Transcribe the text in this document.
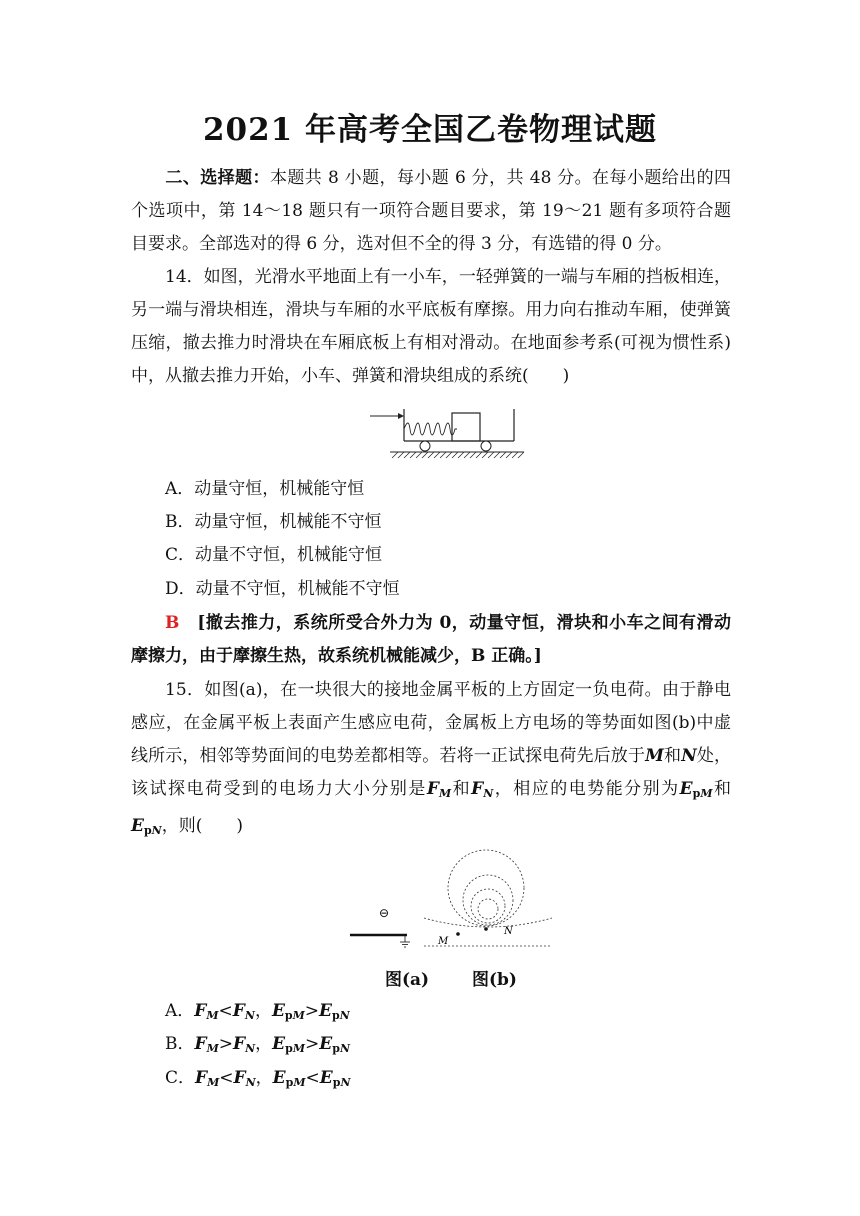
2021 年高考全国乙卷物理试题
二、选择题：本题共 8 小题，每小题 6 分，共 48 分。在每小题给出的四个选项中，第 14～18 题只有一项符合题目要求，第 19～21 题有多项符合题目要求。全部选对的得 6 分，选对但不全的得 3 分，有选错的得 0 分。
14．如图，光滑水平地面上有一小车，一轻弹簧的一端与车厢的挡板相连，另一端与滑块相连，滑块与车厢的水平底板有摩擦。用力向右推动车厢，使弹簧压缩，撤去推力时滑块在车厢底板上有相对滑动。在地面参考系(可视为惯性系)中，从撤去推力开始，小车、弹簧和滑块组成的系统(　　)
A．动量守恒，机械能守恒
B．动量守恒，机械能不守恒
C．动量不守恒，机械能守恒
D．动量不守恒，机械能不守恒
B　 [撤去推力，系统所受合外力为 0，动量守恒，滑块和小车之间有滑动摩擦力，由于摩擦生热，故系统机械能减少，B 正确。]
15．如图(a)，在一块很大的接地金属平板的上方固定一负电荷。由于静电感应，在金属平板上表面产生感应电荷，金属板上方电场的等势面如图(b)中虚线所示，相邻等势面间的电势差都相等。若将一正试探电荷先后放于M和N处，该试探电荷受到的电场力大小分别是$F_M$和$F_N$，相应的电势能分别为$E_{pM}$和$E_{pN}$，则(　　)
⊖
M
N
图(a)	图(b)
A．$F_M<F_N$，$E_{pM}>E_{pN}$
B．$F_M>F_N$，$E_{pM}>E_{pN}$
C．$F_M<F_N$，$E_{pM}<E_{pN}$
